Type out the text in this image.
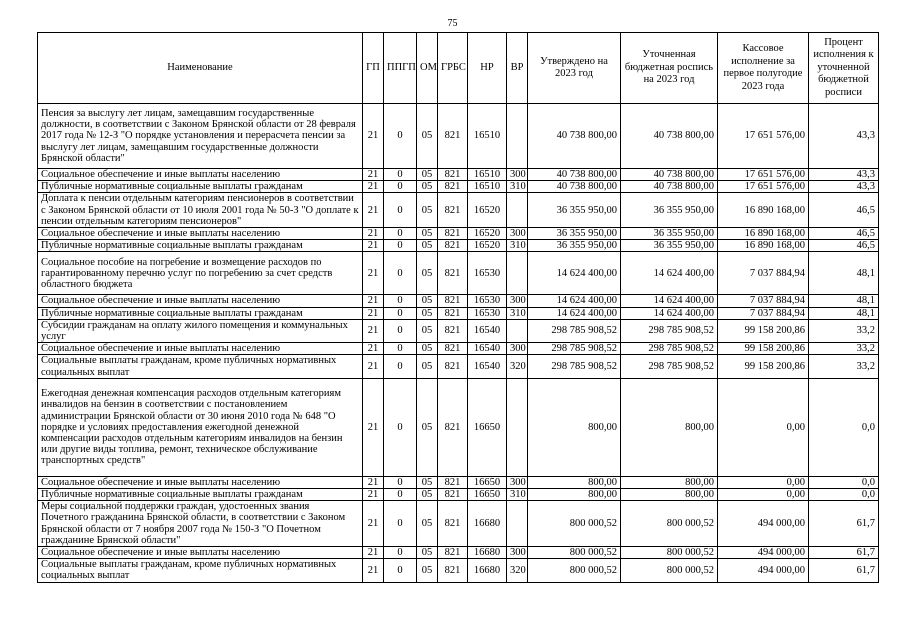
75
Наименование	ГП	ППГП	ОМ	ГРБС	НР	ВР	Утверждено на 2023 год	Уточненная бюджетная роспись на 2023 год	Кассовое исполнение за первое полугодие 2023 года	Процент исполнения к уточненной бюджетной росписи
Пенсия за выслугу лет лицам, замещавшим государственные должности, в соответствии с Законом Брянской области от 28 февраля 2017 года № 12-З "О порядке установления и перерасчета пенсии за выслугу лет лицам, замещавшим государственные должности Брянской области"	21	0	05	821	16510		40 738 800,00	40 738 800,00	17 651 576,00	43,3
Социальное обеспечение и иные выплаты населению	21	0	05	821	16510	300	40 738 800,00	40 738 800,00	17 651 576,00	43,3
Публичные нормативные социальные выплаты гражданам	21	0	05	821	16510	310	40 738 800,00	40 738 800,00	17 651 576,00	43,3
Доплата к пенсии отдельным категориям пенсионеров в соответствии с Законом Брянской области от 10 июля 2001 года № 50-З "О доплате к пенсии отдельным категориям пенсионеров"	21	0	05	821	16520		36 355 950,00	36 355 950,00	16 890 168,00	46,5
Социальное обеспечение и иные выплаты населению	21	0	05	821	16520	300	36 355 950,00	36 355 950,00	16 890 168,00	46,5
Публичные нормативные социальные выплаты гражданам	21	0	05	821	16520	310	36 355 950,00	36 355 950,00	16 890 168,00	46,5
Социальное пособие на погребение и возмещение расходов по гарантированному перечню услуг по погребению за счет средств областного бюджета	21	0	05	821	16530		14 624 400,00	14 624 400,00	7 037 884,94	48,1
Социальное обеспечение и иные выплаты населению	21	0	05	821	16530	300	14 624 400,00	14 624 400,00	7 037 884,94	48,1
Публичные нормативные социальные выплаты гражданам	21	0	05	821	16530	310	14 624 400,00	14 624 400,00	7 037 884,94	48,1
Субсидии гражданам на оплату жилого помещения и коммунальных услуг	21	0	05	821	16540		298 785 908,52	298 785 908,52	99 158 200,86	33,2
Социальное обеспечение и иные выплаты населению	21	0	05	821	16540	300	298 785 908,52	298 785 908,52	99 158 200,86	33,2
Социальные выплаты гражданам, кроме публичных нормативных социальных выплат	21	0	05	821	16540	320	298 785 908,52	298 785 908,52	99 158 200,86	33,2
Ежегодная денежная компенсация расходов отдельным категориям инвалидов на бензин в соответствии с постановлением администрации Брянской области от 30 июня 2010 года № 648 "О порядке и условиях предоставления ежегодной денежной компенсации расходов отдельным категориям инвалидов на бензин или другие виды топлива, ремонт, техническое обслуживание транспортных средств"	21	0	05	821	16650		800,00	800,00	0,00	0,0
Социальное обеспечение и иные выплаты населению	21	0	05	821	16650	300	800,00	800,00	0,00	0,0
Публичные нормативные социальные выплаты гражданам	21	0	05	821	16650	310	800,00	800,00	0,00	0,0
Меры социальной поддержки граждан, удостоенных звания Почетного гражданина Брянской области, в соответствии с Законом Брянской области от 7 ноября 2007 года № 150-З "О Почетном гражданине Брянской области"	21	0	05	821	16680		800 000,52	800 000,52	494 000,00	61,7
Социальное обеспечение и иные выплаты населению	21	0	05	821	16680	300	800 000,52	800 000,52	494 000,00	61,7
Социальные выплаты гражданам, кроме публичных нормативных социальных выплат	21	0	05	821	16680	320	800 000,52	800 000,52	494 000,00	61,7
